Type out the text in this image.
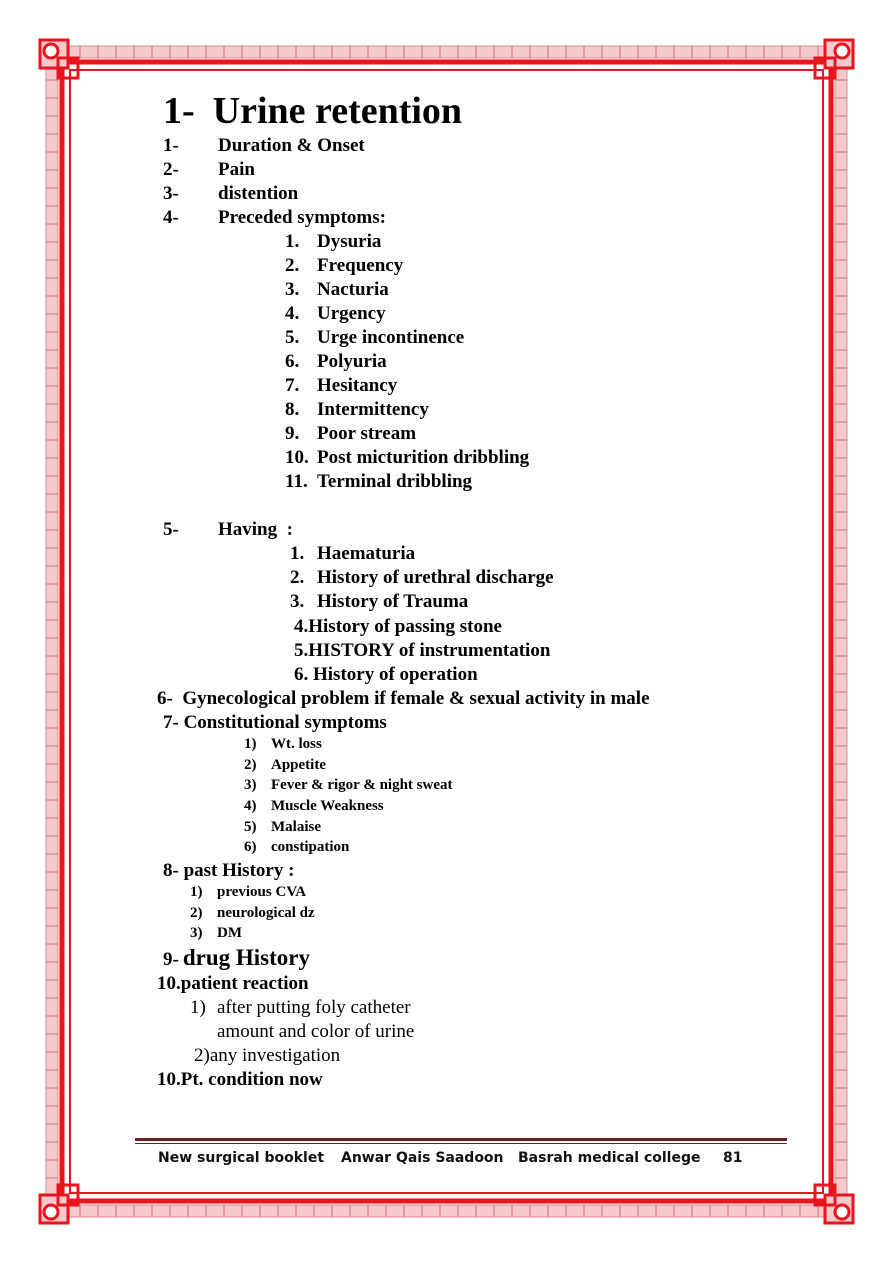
1- Urine retention
1- Duration & Onset
2- Pain
3- distention
4- Preceded symptoms:
1. Dysuria
2. Frequency
3. Nacturia
4. Urgency
5. Urge incontinence
6. Polyuria
7. Hesitancy
8. Intermittency
9. Poor stream
10. Post micturition dribbling
11. Terminal dribbling
5- Having  :
1. Haematuria
2. History of urethral discharge
3. History of Trauma
4.History of passing stone
5.HISTORY of instrumentation
6. History of operation
6-  Gynecological problem if female & sexual activity in male
7- Constitutional symptoms
1) Wt. loss
2) Appetite
3) Fever & rigor & night sweat
4) Muscle Weakness
5) Malaise
6) constipation
8- past History :
1) previous CVA
2) neurological dz
3) DM
9- drug History
10.patient reaction
1) after putting foly catheter
amount and color of urine
2)any investigation
10.Pt. condition now
New surgical booklet Anwar Qais Saadoon Basrah medical college 81
